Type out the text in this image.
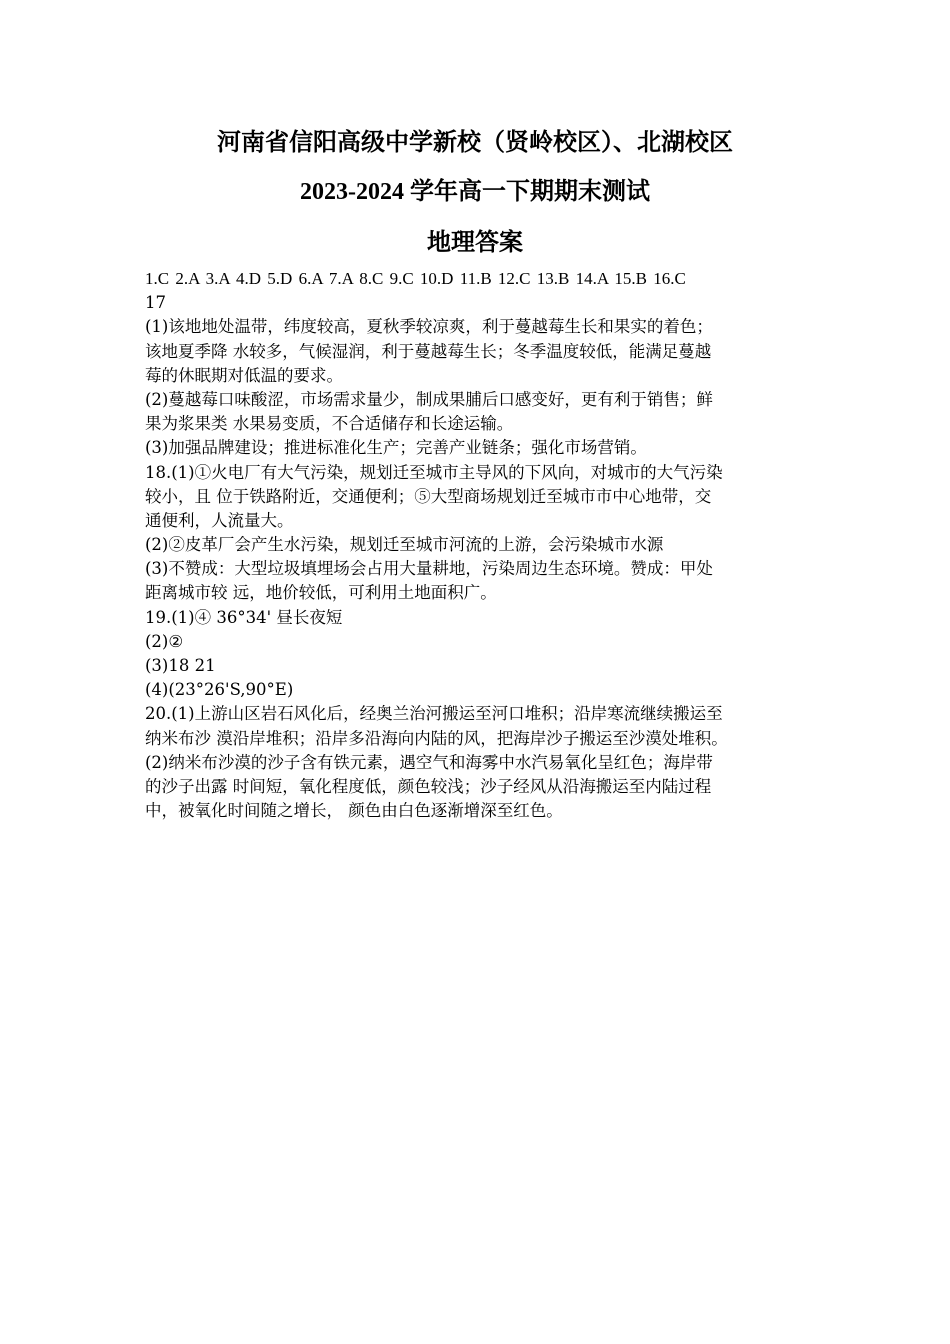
河南省信阳高级中学新校（贤岭校区）、北湖校区
2023-2024 学年高一下期期末测试
地理答案
1.C 2.A 3.A 4.D 5.D 6.A 7.A 8.C 9.C 10.D 11.B 12.C 13.B 14.A 15.B 16.C
17
(1)该地地处温带，纬度较高，夏秋季较凉爽，利于蔓越莓生长和果实的着色；
该地夏季降 水较多，气候湿润，利于蔓越莓生长；冬季温度较低，能满足蔓越
莓的休眠期对低温的要求。
(2)蔓越莓口味酸涩，市场需求量少，制成果脯后口感变好，更有利于销售；鲜
果为浆果类 水果易变质，不合适储存和长途运输。
(3)加强品牌建设；推进标准化生产；完善产业链条；强化市场营销。
18.(1)①火电厂有大气污染，规划迁至城市主导风的下风向，对城市的大气污染
较小，且 位于铁路附近，交通便利；⑤大型商场规划迁至城市市中心地带，交
通便利，人流量大。
(2)②皮革厂会产生水污染，规划迁至城市河流的上游，会污染城市水源
(3)不赞成：大型垃圾填埋场会占用大量耕地，污染周边生态环境。赞成：甲处
距离城市较 远，地价较低，可利用土地面积广。
19.(1)④ 36°34' 昼长夜短
(2)②
(3)18 21
(4)(23°26'S,90°E)
20.(1)上游山区岩石风化后，经奥兰治河搬运至河口堆积；沿岸寒流继续搬运至
纳米布沙 漠沿岸堆积；沿岸多沿海向内陆的风，把海岸沙子搬运至沙漠处堆积。
(2)纳米布沙漠的沙子含有铁元素，遇空气和海雾中水汽易氧化呈红色；海岸带
的沙子出露 时间短，氧化程度低，颜色较浅；沙子经风从沿海搬运至内陆过程
中，被氧化时间随之增长， 颜色由白色逐渐增深至红色。
